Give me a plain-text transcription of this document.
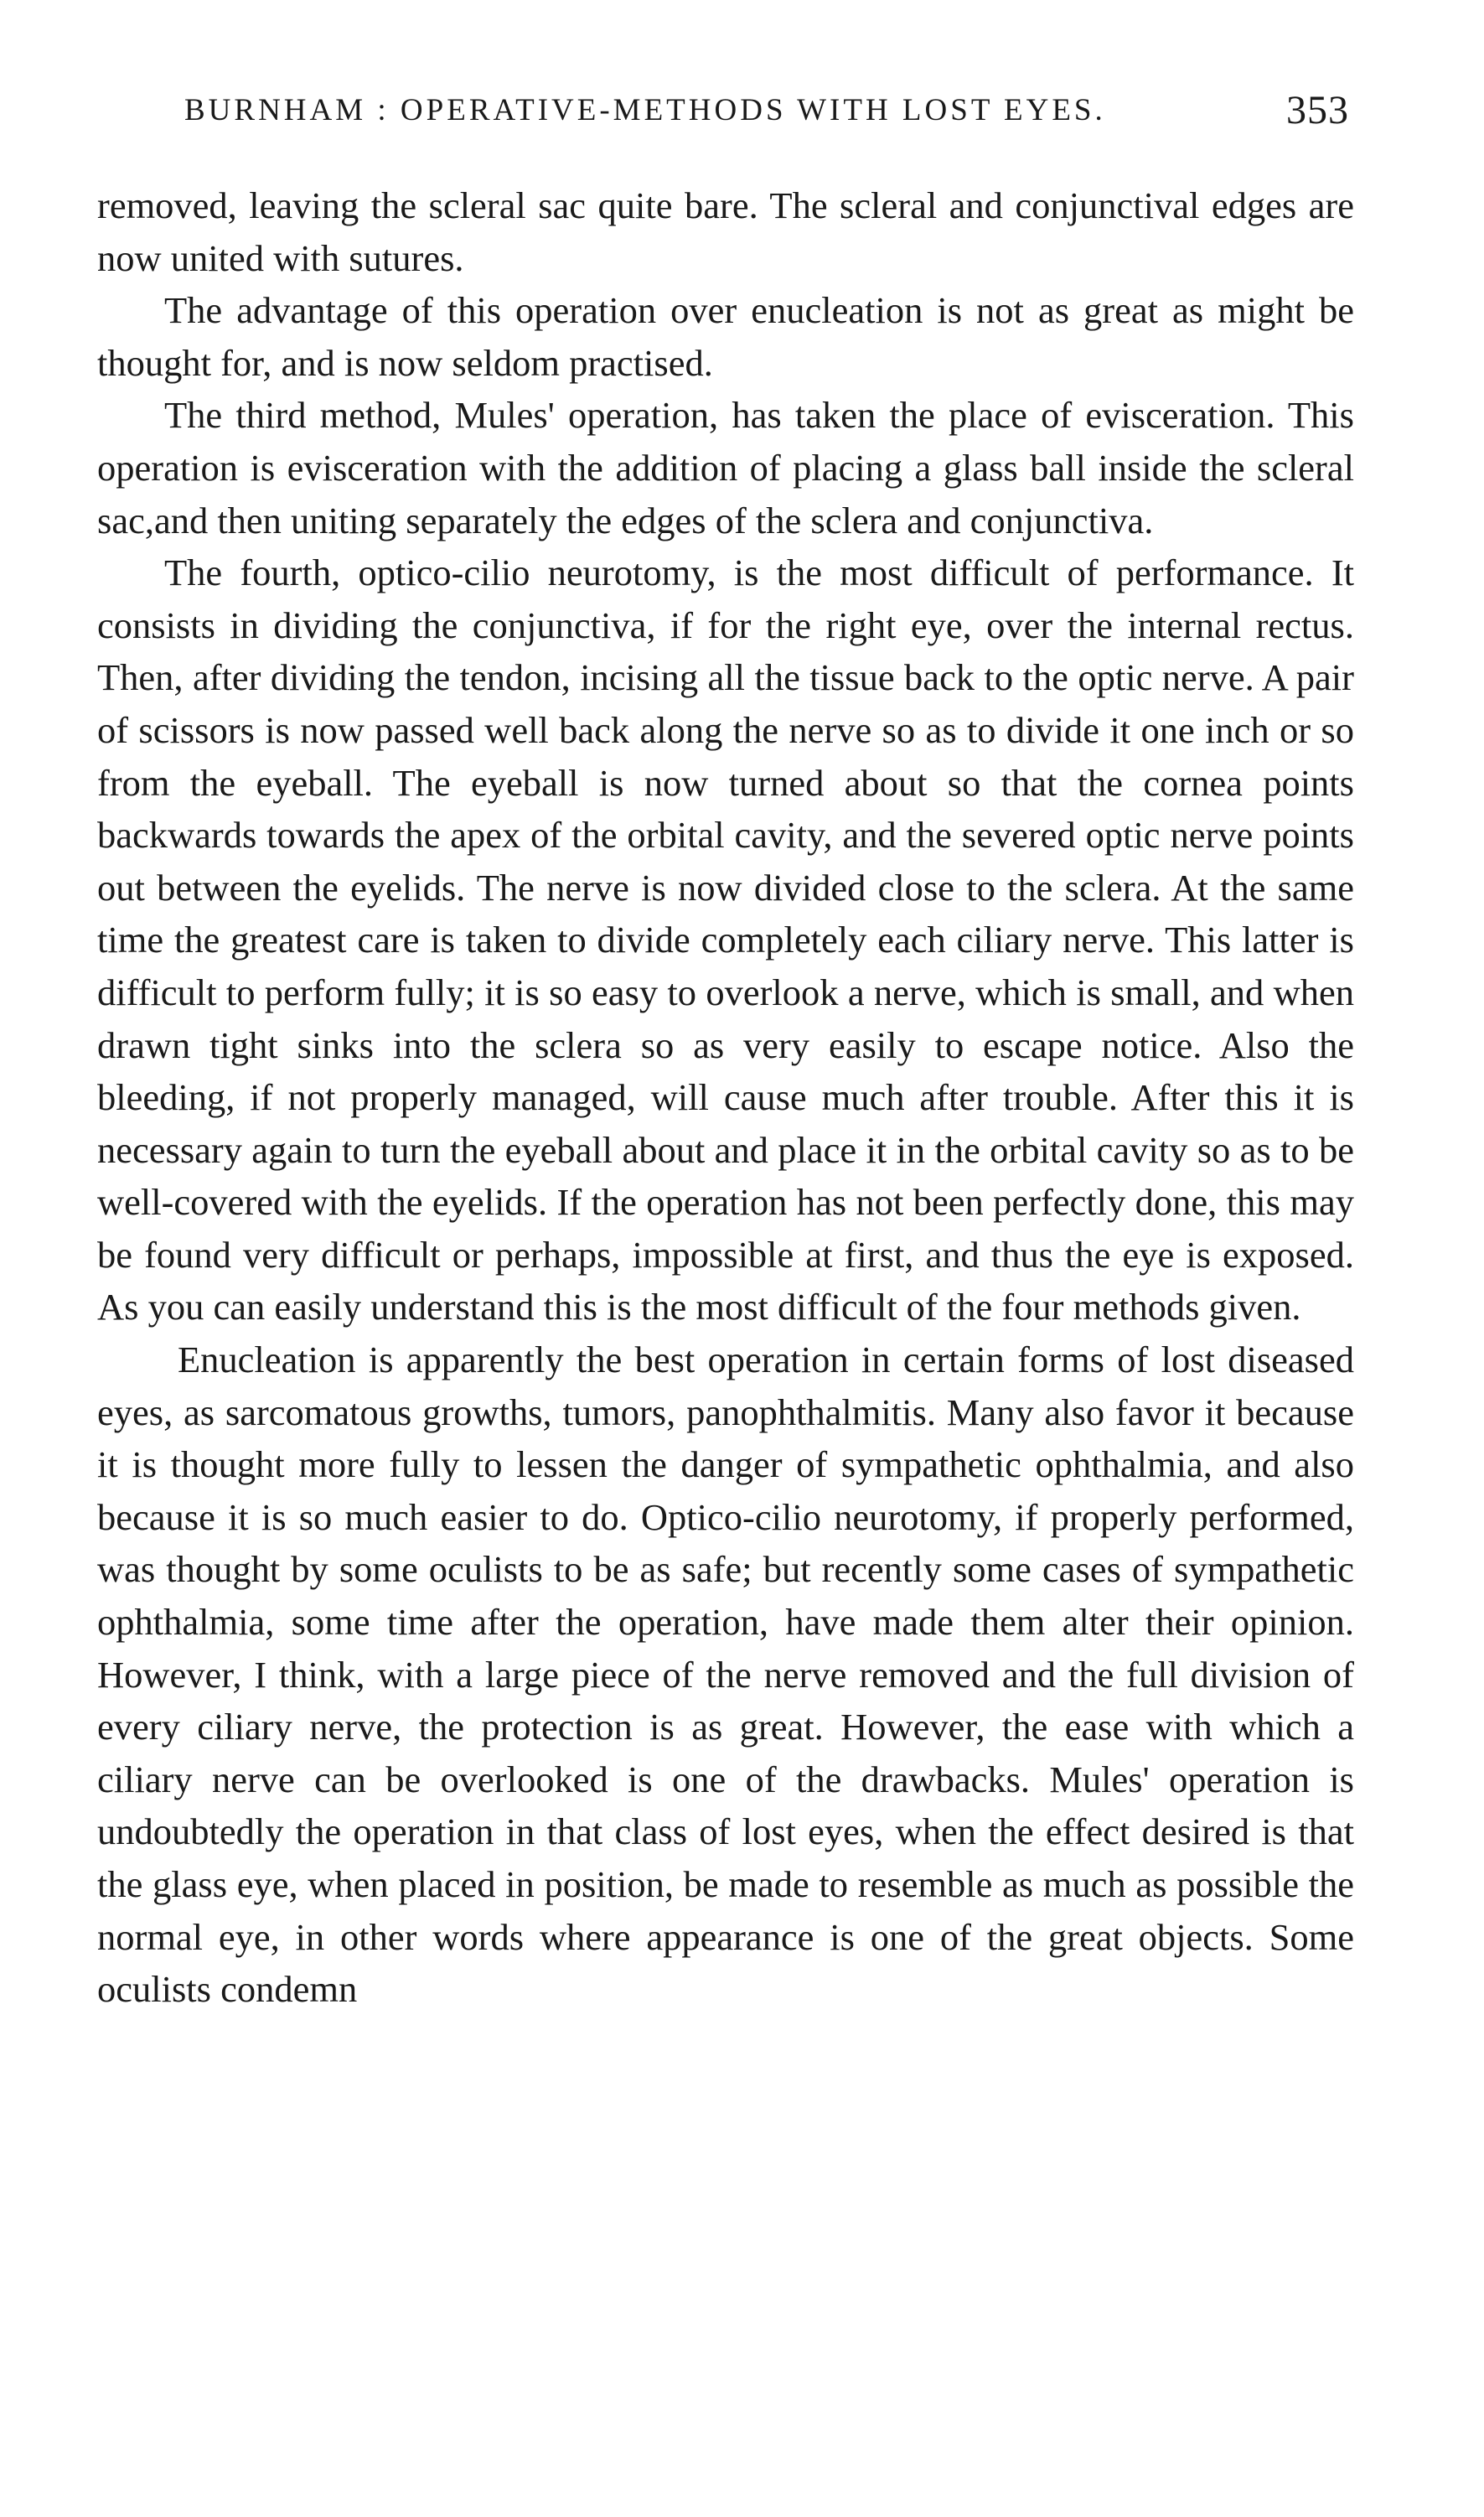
BURNHAM : OPERATIVE-METHODS WITH LOST EYES.	353

removed, leaving the scleral sac quite bare. The scleral and conjunctival edges are now united with sutures.

The advantage of this operation over enucleation is not as great as might be thought for, and is now seldom practised.

The third method, Mules' operation, has taken the place of evisceration. This operation is evisceration with the addition of placing a glass ball inside the scleral sac,and then uniting separately the edges of the sclera and conjunctiva.

The fourth, optico-cilio neurotomy, is the most difficult of performance. It consists in dividing the conjunctiva, if for the right eye, over the internal rectus. Then, after dividing the tendon, incising all the tissue back to the optic nerve. A pair of scissors is now passed well back along the nerve so as to divide it one inch or so from the eyeball. The eyeball is now turned about so that the cornea points backwards towards the apex of the orbital cavity, and the severed optic nerve points out between the eyelids. The nerve is now divided close to the sclera. At the same time the greatest care is taken to divide completely each ciliary nerve. This latter is difficult to perform fully; it is so easy to overlook a nerve, which is small, and when drawn tight sinks into the sclera so as very easily to escape notice. Also the bleeding, if not properly managed, will cause much after trouble. After this it is necessary again to turn the eyeball about and place it in the orbital cavity so as to be well-covered with the eyelids. If the operation has not been perfectly done, this may be found very difficult or perhaps, impossible at first, and thus the eye is exposed. As you can easily understand this is the most difficult of the four methods given.

Enucleation is apparently the best operation in certain forms of lost diseased eyes, as sarcomatous growths, tumors, panophthalmitis. Many also favor it because it is thought more fully to lessen the danger of sympathetic ophthalmia, and also because it is so much easier to do. Optico-cilio neurotomy, if properly performed, was thought by some oculists to be as safe; but recently some cases of sympathetic ophthalmia, some time after the operation, have made them alter their opinion. However, I think, with a large piece of the nerve removed and the full division of every ciliary nerve, the protection is as great. However, the ease with which a ciliary nerve can be overlooked is one of the drawbacks. Mules' operation is undoubtedly the operation in that class of lost eyes, when the effect desired is that the glass eye, when placed in position, be made to resemble as much as possible the normal eye, in other words where appearance is one of the great objects. Some oculists condemn
